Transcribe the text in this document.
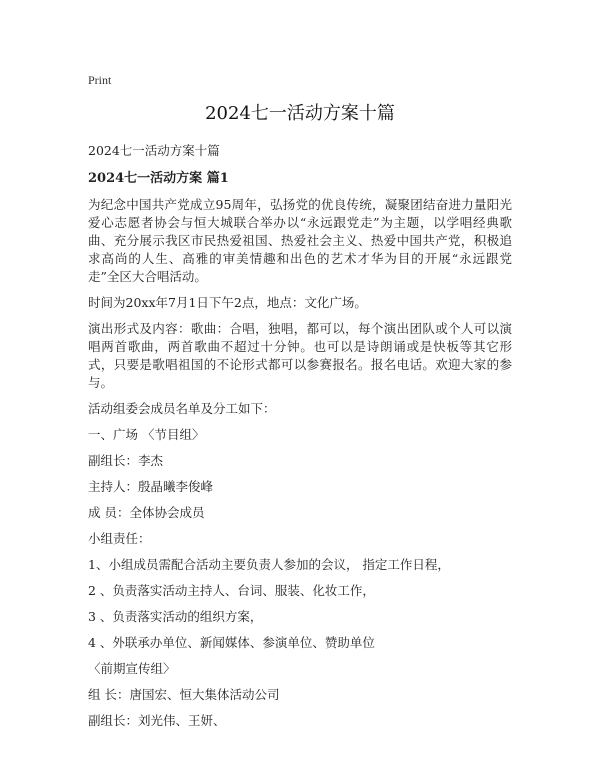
Print
2024七一活动方案十篇
2024七一活动方案十篇
2024七一活动方案 篇1

为纪念中国共产党成立95周年，弘扬党的优良传统，凝聚团结奋进力量阳光爱心志愿者协会与恒大城联合举办以“永远跟党走”为主题，以学唱经典歌曲、充分展示我区市民热爱祖国、热爱社会主义、热爱中国共产党，积极追求高尚的人生、高雅的审美情趣和出色的艺术才华为目的开展“永远跟党走”全区大合唱活动。

时间为20xx年7月1日下午2点，地点：文化广场。

演出形式及内容：歌曲：合唱，独唱，都可以，每个演出团队或个人可以演唱两首歌曲，两首歌曲不超过十分钟。也可以是诗朗诵或是快板等其它形式，只要是歌唱祖国的不论形式都可以参赛报名。报名电话。欢迎大家的参与。

活动组委会成员名单及分工如下：

一、广场 〈节目组〉

副组长：李杰

主持人：殷晶曦李俊峰

成 员：全体协会成员

小组责任：

1、小组成员需配合活动主要负责人参加的会议， 指定工作日程，

2 、负责落实活动主持人、台词、服装、化妆工作，

3 、负责落实活动的组织方案，

4 、外联承办单位、新闻媒体、参演单位、赞助单位

〈前期宣传组〉

组 长：唐国宏、恒大集体活动公司

副组长：刘光伟、王妍、
